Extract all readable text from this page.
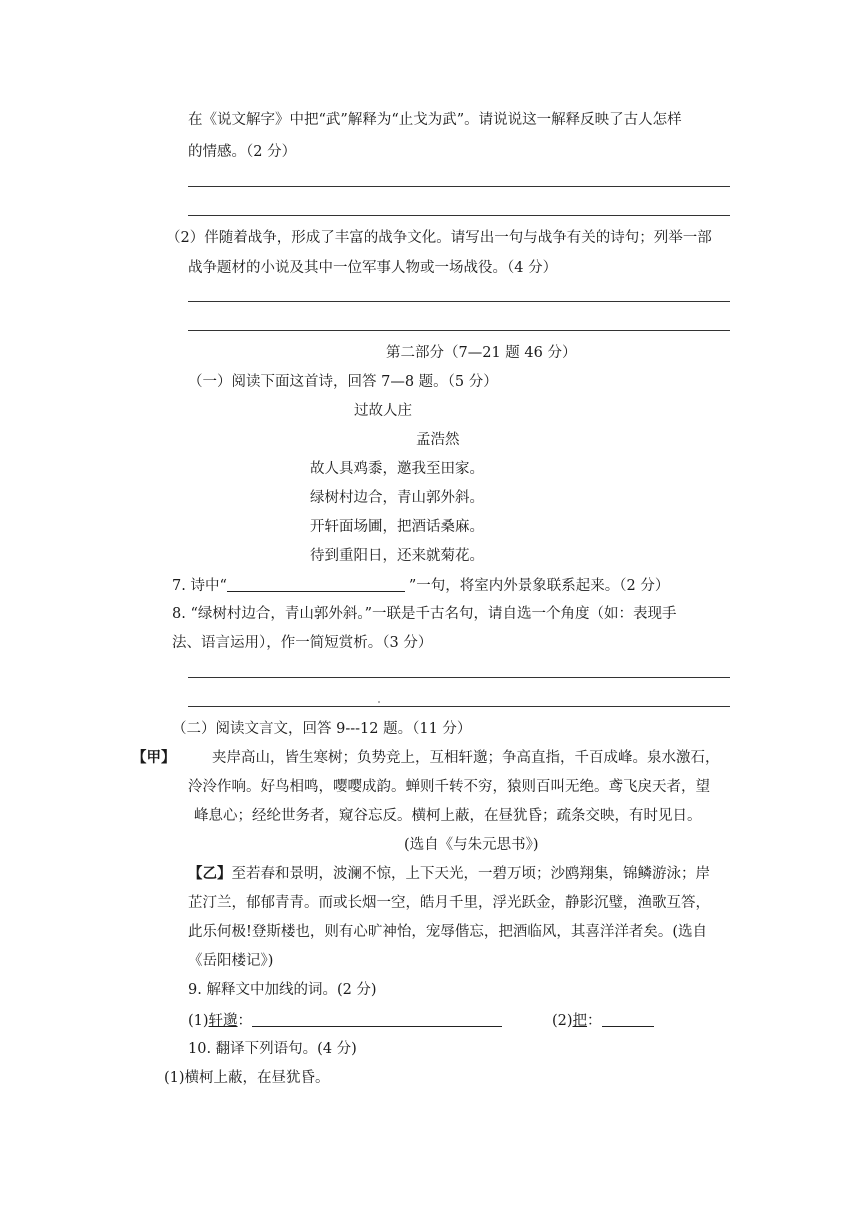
在《说文解字》中把“武”解释为“止戈为武”。请说说这一解释反映了古人怎样
的情感。（2 分）
（2）伴随着战争，形成了丰富的战争文化。请写出一句与战争有关的诗句；列举一部
战争题材的小说及其中一位军事人物或一场战役。（4 分）
第二部分（7—21 题 46 分）
（一）阅读下面这首诗，回答 7—8 题。（5 分）
过故人庄
孟浩然
故人具鸡黍，邀我至田家。
绿树村边合，青山郭外斜。
开轩面场圃，把酒话桑麻。
待到重阳日，还来就菊花。
7. 诗中“	”一句，将室内外景象联系起来。（2 分）
8. “绿树村边合，青山郭外斜。”一联是千古名句，请自选一个角度（如：表现手
法、语言运用），作一简短赏析。（3 分）
（二）阅读文言文，回答 9---12 题。（11 分）
【甲】	夹岸高山，皆生寒树；负势竞上，互相轩邈；争高直指，千百成峰。泉水激石，
泠泠作响。好鸟相鸣，嘤嘤成韵。蝉则千转不穷，猿则百叫无绝。鸢飞戾天者，望
峰息心；经纶世务者，窥谷忘反。横柯上蔽，在昼犹昏；疏条交映，有时见日。
(选自《与朱元思书》)
【乙】至若春和景明，波澜不惊，上下天光，一碧万顷；沙鸥翔集，锦鳞游泳；岸
芷汀兰，郁郁青青。而或长烟一空，皓月千里，浮光跃金，静影沉璧，渔歌互答，
此乐何极!登斯楼也，则有心旷神怡，宠辱偕忘，把酒临风，其喜洋洋者矣。(选自
《岳阳楼记》)
9. 解释文中加线的词。(2 分)
(1)轩邈：	(2)把：
10. 翻译下列语句。(4 分)
(1)横柯上蔽，在昼犹昏。
